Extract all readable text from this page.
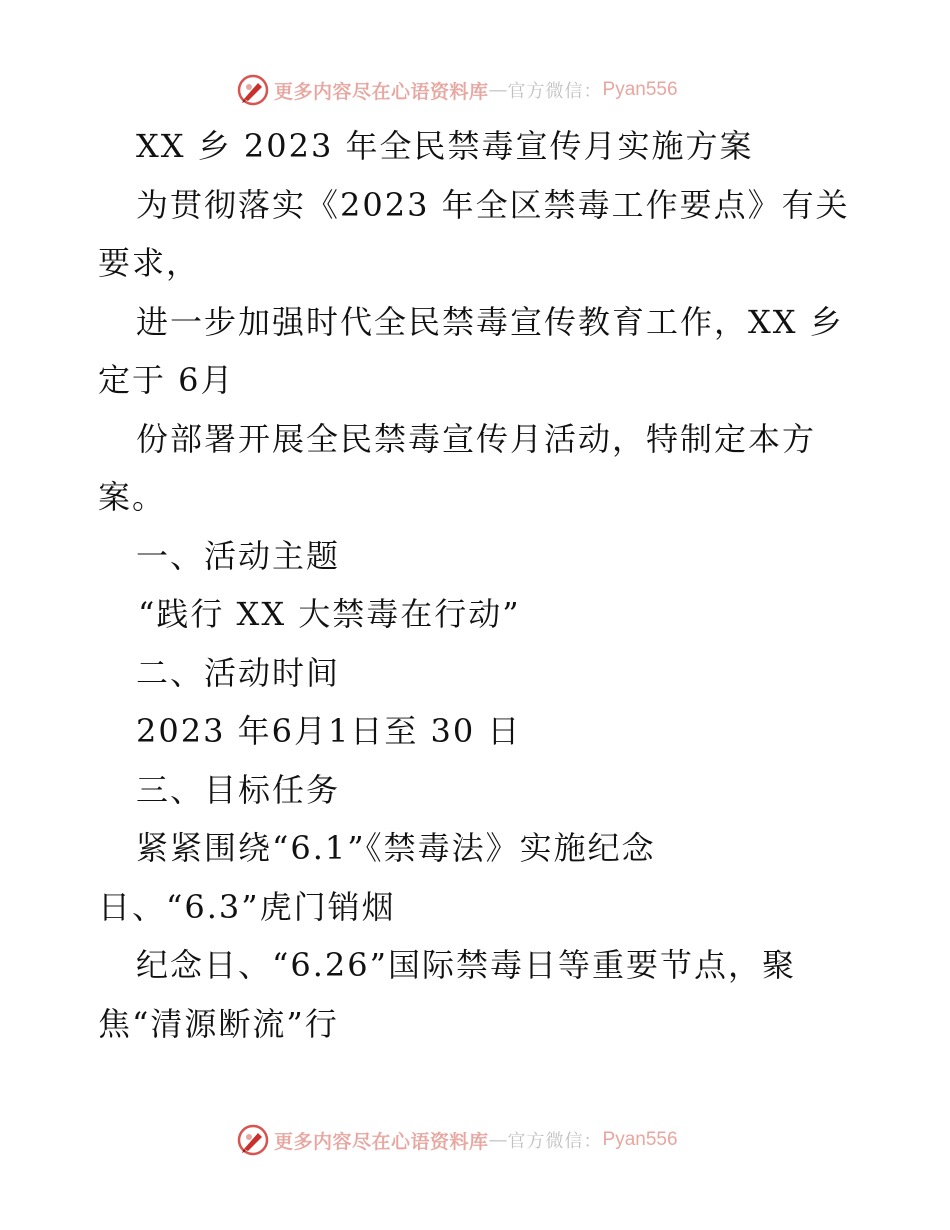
更多内容尽在心语资料库 — 官方微信： Pyan556
XX 乡 2023 年全民禁毒宣传月实施方案
为贯彻落实《2023 年全区禁毒工作要点》有关
要求，
进一步加强时代全民禁毒宣传教育工作，XX 乡
定于 6月
份部署开展全民禁毒宣传月活动，特制定本方
案。
一、活动主题
“践行 XX 大禁毒在行动”
二、活动时间
2023 年6月1日至 30 日
三、目标任务
紧紧围绕“6.1”《禁毒法》实施纪念
日、“6.3”虎门销烟
纪念日、“6.26”国际禁毒日等重要节点，聚
焦“清源断流”行
更多内容尽在心语资料库 — 官方微信： Pyan556
